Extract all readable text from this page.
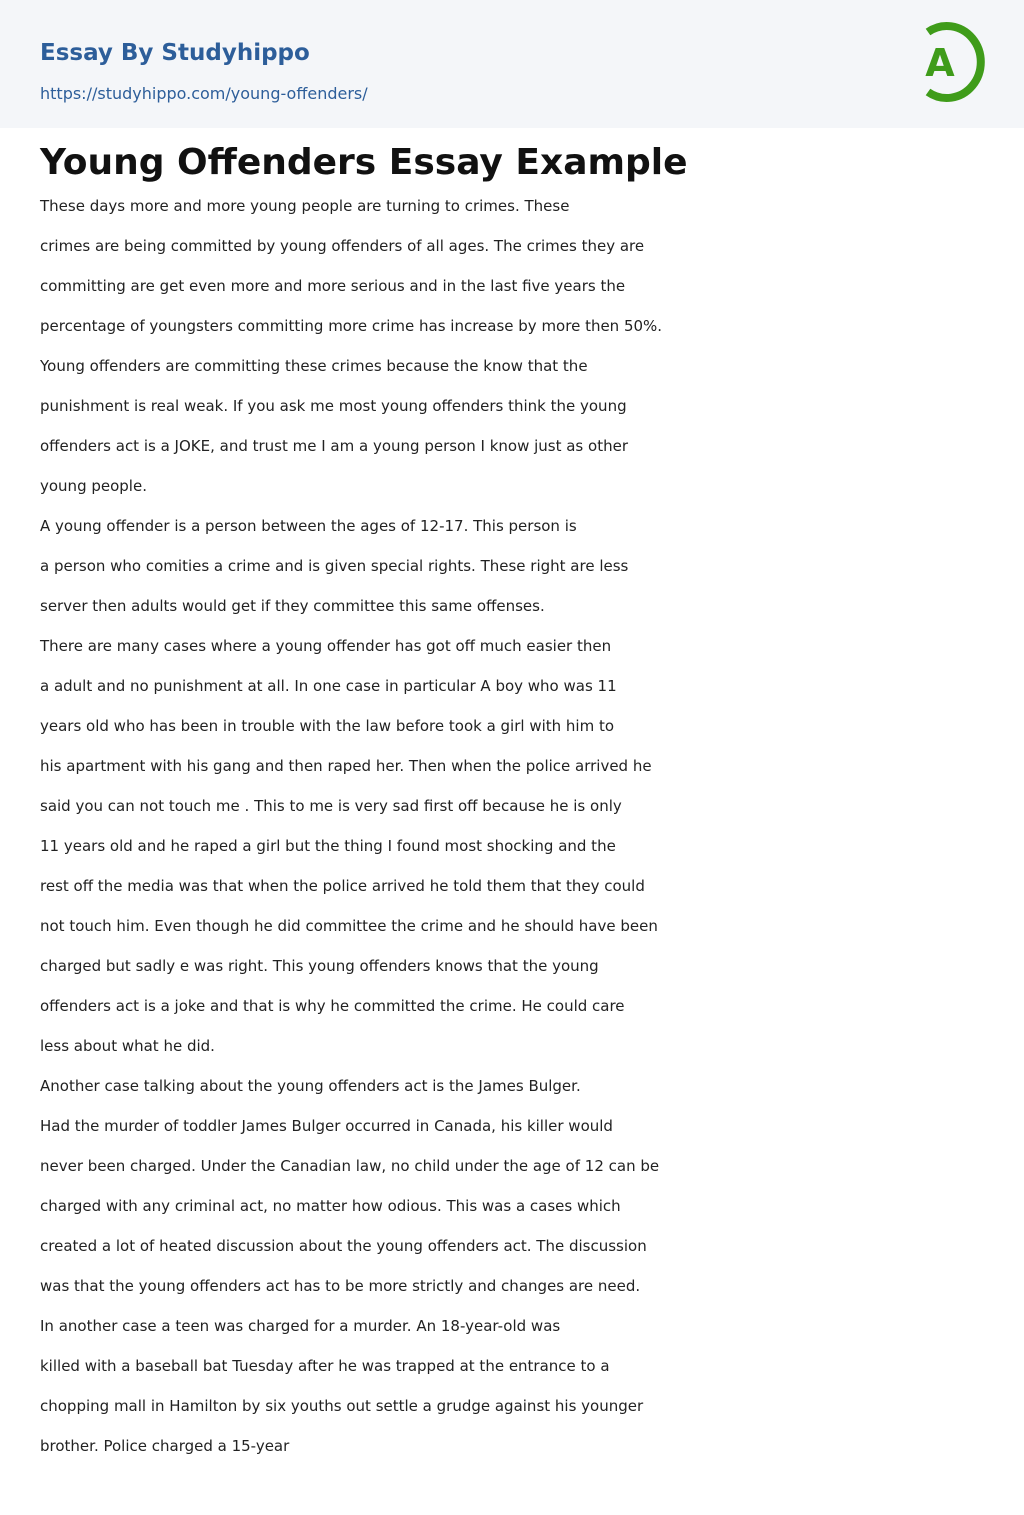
Essay By Studyhippo
https://studyhippo.com/young-offenders/
A
Young Offenders Essay Example
These days more and more young people are turning to crimes. These
crimes are being committed by young offenders of all ages. The crimes they are
committing are get even more and more serious and in the last five years the
percentage of youngsters committing more crime has increase by more then 50%.
Young offenders are committing these crimes because the know that the
punishment is real weak. If you ask me most young offenders think the young
offenders act is a JOKE, and trust me I am a young person I know just as other
young people.
A young offender is a person between the ages of 12-17. This person is
a person who comities a crime and is given special rights. These right are less
server then adults would get if they committee this same offenses.
There are many cases where a young offender has got off much easier then
a adult and no punishment at all. In one case in particular A boy who was 11
years old who has been in trouble with the law before took a girl with him to
his apartment with his gang and then raped her. Then when the police arrived he
said you can not touch me . This to me is very sad first off because he is only
11 years old and he raped a girl but the thing I found most shocking and the
rest off the media was that when the police arrived he told them that they could
not touch him. Even though he did committee the crime and he should have been
charged but sadly e was right. This young offenders knows that the young
offenders act is a joke and that is why he committed the crime. He could care
less about what he did.
Another case talking about the young offenders act is the James Bulger.
Had the murder of toddler James Bulger occurred in Canada, his killer would
never been charged. Under the Canadian law, no child under the age of 12 can be
charged with any criminal act, no matter how odious. This was a cases which
created a lot of heated discussion about the young offenders act. The discussion
was that the young offenders act has to be more strictly and changes are need.
In another case a teen was charged for a murder. An 18-year-old was
killed with a baseball bat Tuesday after he was trapped at the entrance to a
chopping mall in Hamilton by six youths out settle a grudge against his younger
brother. Police charged a 15-year
